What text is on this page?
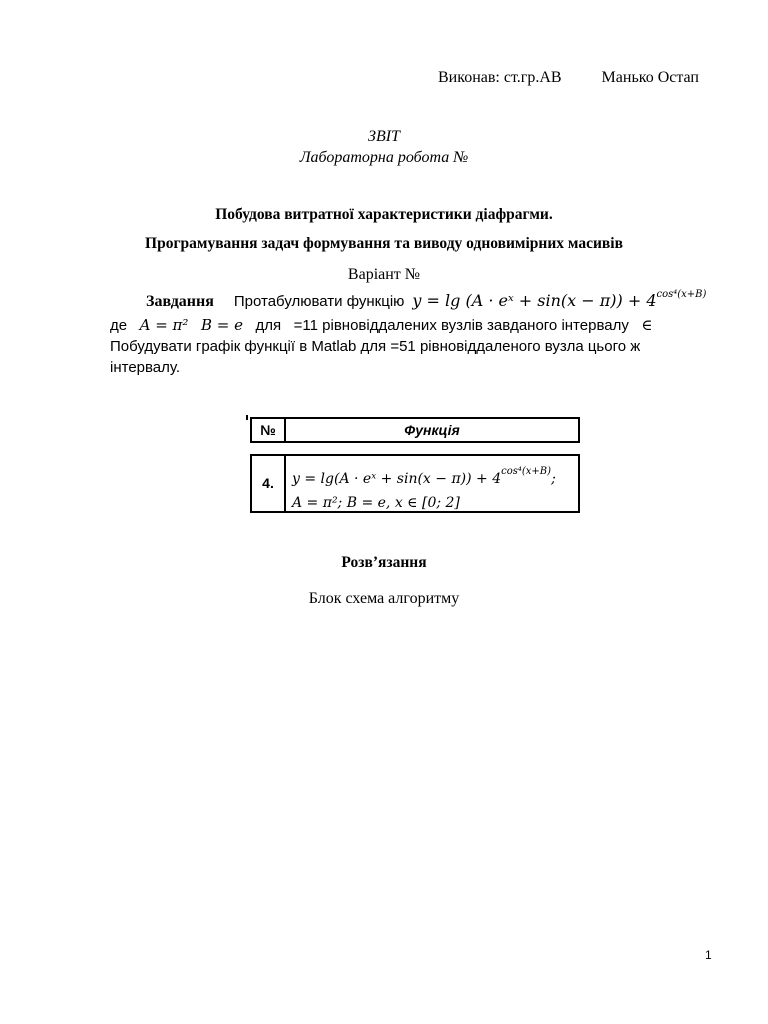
Виконав: ст.гр.АВ	Манько Остап
ЗВІТ
Лабораторна робота №
Побудова витратної характеристики діафрагми.
Програмування задач формування та виводу одновимірних масивів
Варіант №
Завдання Протабулювати функцію y = lg (A · eˣ + $\sin(x - \pi)) + 4^{cos^4(x+B)}$
де A = π² B = e для =11 рівновіддалених вузлів завданого інтервалу ∈
Побудувати графік функції в Matlab для =51 рівновіддаленого вузла цього ж
інтервалу.
№	Функція
4.	y = lg(A · eˣ + $\sin(x - \pi)) + 4^{cos^4(x+B)}$;
A = π²; B = e, x ∈ [0; 2]
Розв’язання
Блок схема алгоритму
1
